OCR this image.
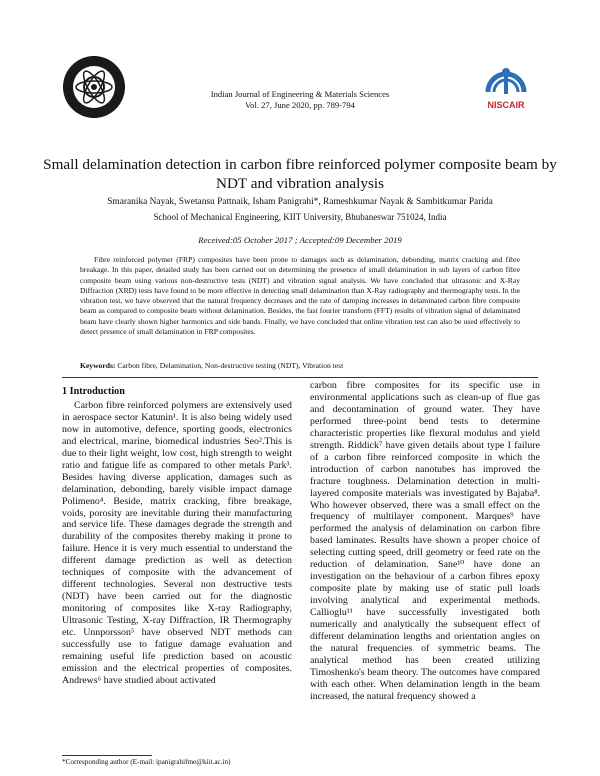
NISCAIR
Indian Journal of Engineering & Materials Sciences
Vol. 27, June 2020, pp. 789-794
Small delamination detection in carbon fibre reinforced polymer composite beam by NDT and vibration analysis
Smaranika Nayak, Swetansu Pattnaik, Isham Panigrahi*, Rameshkumar Nayak & Sambitkumar Parida
School of Mechanical Engineering, KIIT University, Bhubaneswar 751024, India
Received:05 October 2017 ; Accepted:09 December 2019
Fibre reinforced polymer (FRP) composites have been prone to damages such as delamination, debonding, matrix cracking and fibre breakage. In this paper, detailed study has been carried out on determining the presence of small delamination in sub layers of carbon fibre composite beam using various non-destructive tests (NDT) and vibration signal analysis. We have concluded that ultrasonic and X-Ray Diffraction (XRD) tests have found to be more effective in detecting small delamination than X-Ray radiography and thermography tests. In the vibration test, we have observed that the natural frequency decreases and the rate of damping increases in delaminated carbon fibre composite beam as compared to composite beam without delamination. Besides, the fast fourier transform (FFT) results of vibration signal of delaminated beam have clearly shown higher harmonics and side bands. Finally, we have concluded that online vibration test can also be used effectively to detect presence of small delamination in FRP composites.
Keywords: Carbon fibre, Delamination, Non-destructive testing (NDT), Vibration test
1 Introduction

Carbon fibre reinforced polymers are extensively used in aerospace sector Katunin¹. It is also being widely used now in automotive, defence, sporting goods, electronics and electrical, marine, biomedical industries Seo².This is due to their light weight, low cost, high strength to weight ratio and fatigue life as compared to other metals Park³. Besides having diverse application, damages such as delamination, debonding, barely visible impact damage Polimeno⁴. Beside, matrix cracking, fibre breakage, voids, porosity are inevitable during their manufacturing and service life. These damages degrade the strength and durability of the composites thereby making it prone to failure. Hence it is very much essential to understand the different damage prediction as well as detection techniques of composite with the advancement of different technologies. Several non destructive tests (NDT) have been carried out for the diagnostic monitoring of composites like X-ray Radiography, Ultrasonic Testing, X-ray Diffraction, IR Thermography etc. Unnporsson⁵ have observed NDT methods can successfully use to fatigue damage evaluation and remaining useful life prediction based on acoustic emission and the electrical properties of composites. Andrews⁶ have studied about activated

carbon fibre composites for its specific use in environmental applications such as clean-up of flue gas and decontamination of ground water. They have performed three-point bend tests to determine characteristic properties like flexural modulus and yield strength. Riddick⁷ have given details about type I failure of a carbon fibre reinforced composite in which the introduction of carbon nanotubes has improved the fracture toughness. Delamination detection in multi-layered composite materials was investigated by Bajaba⁸. Who however observed, there was a small effect on the frequency of multilayer component. Marques⁹ have performed the analysis of delamination on carbon fibre based laminates. Results have shown a proper choice of selecting cutting speed, drill geometry or feed rate on the reduction of delamination. Sane¹⁰ have done an investigation on the behaviour of a carbon fibres epoxy composite plate by making use of static pull loads involving analytical and experimental methods. Callioglu¹¹ have successfully investigated both numerically and analytically the subsequent effect of different delamination lengths and orientation angles on the natural frequencies of symmetric beams. The analytical method has been created utilizing Timoshenko's beam theory. The outcomes have compared with each other. When delamination length in the beam increased, the natural frequency showed a

*Corresponding author (E-mail: ipanigrahifme@kiit.ac.in)
